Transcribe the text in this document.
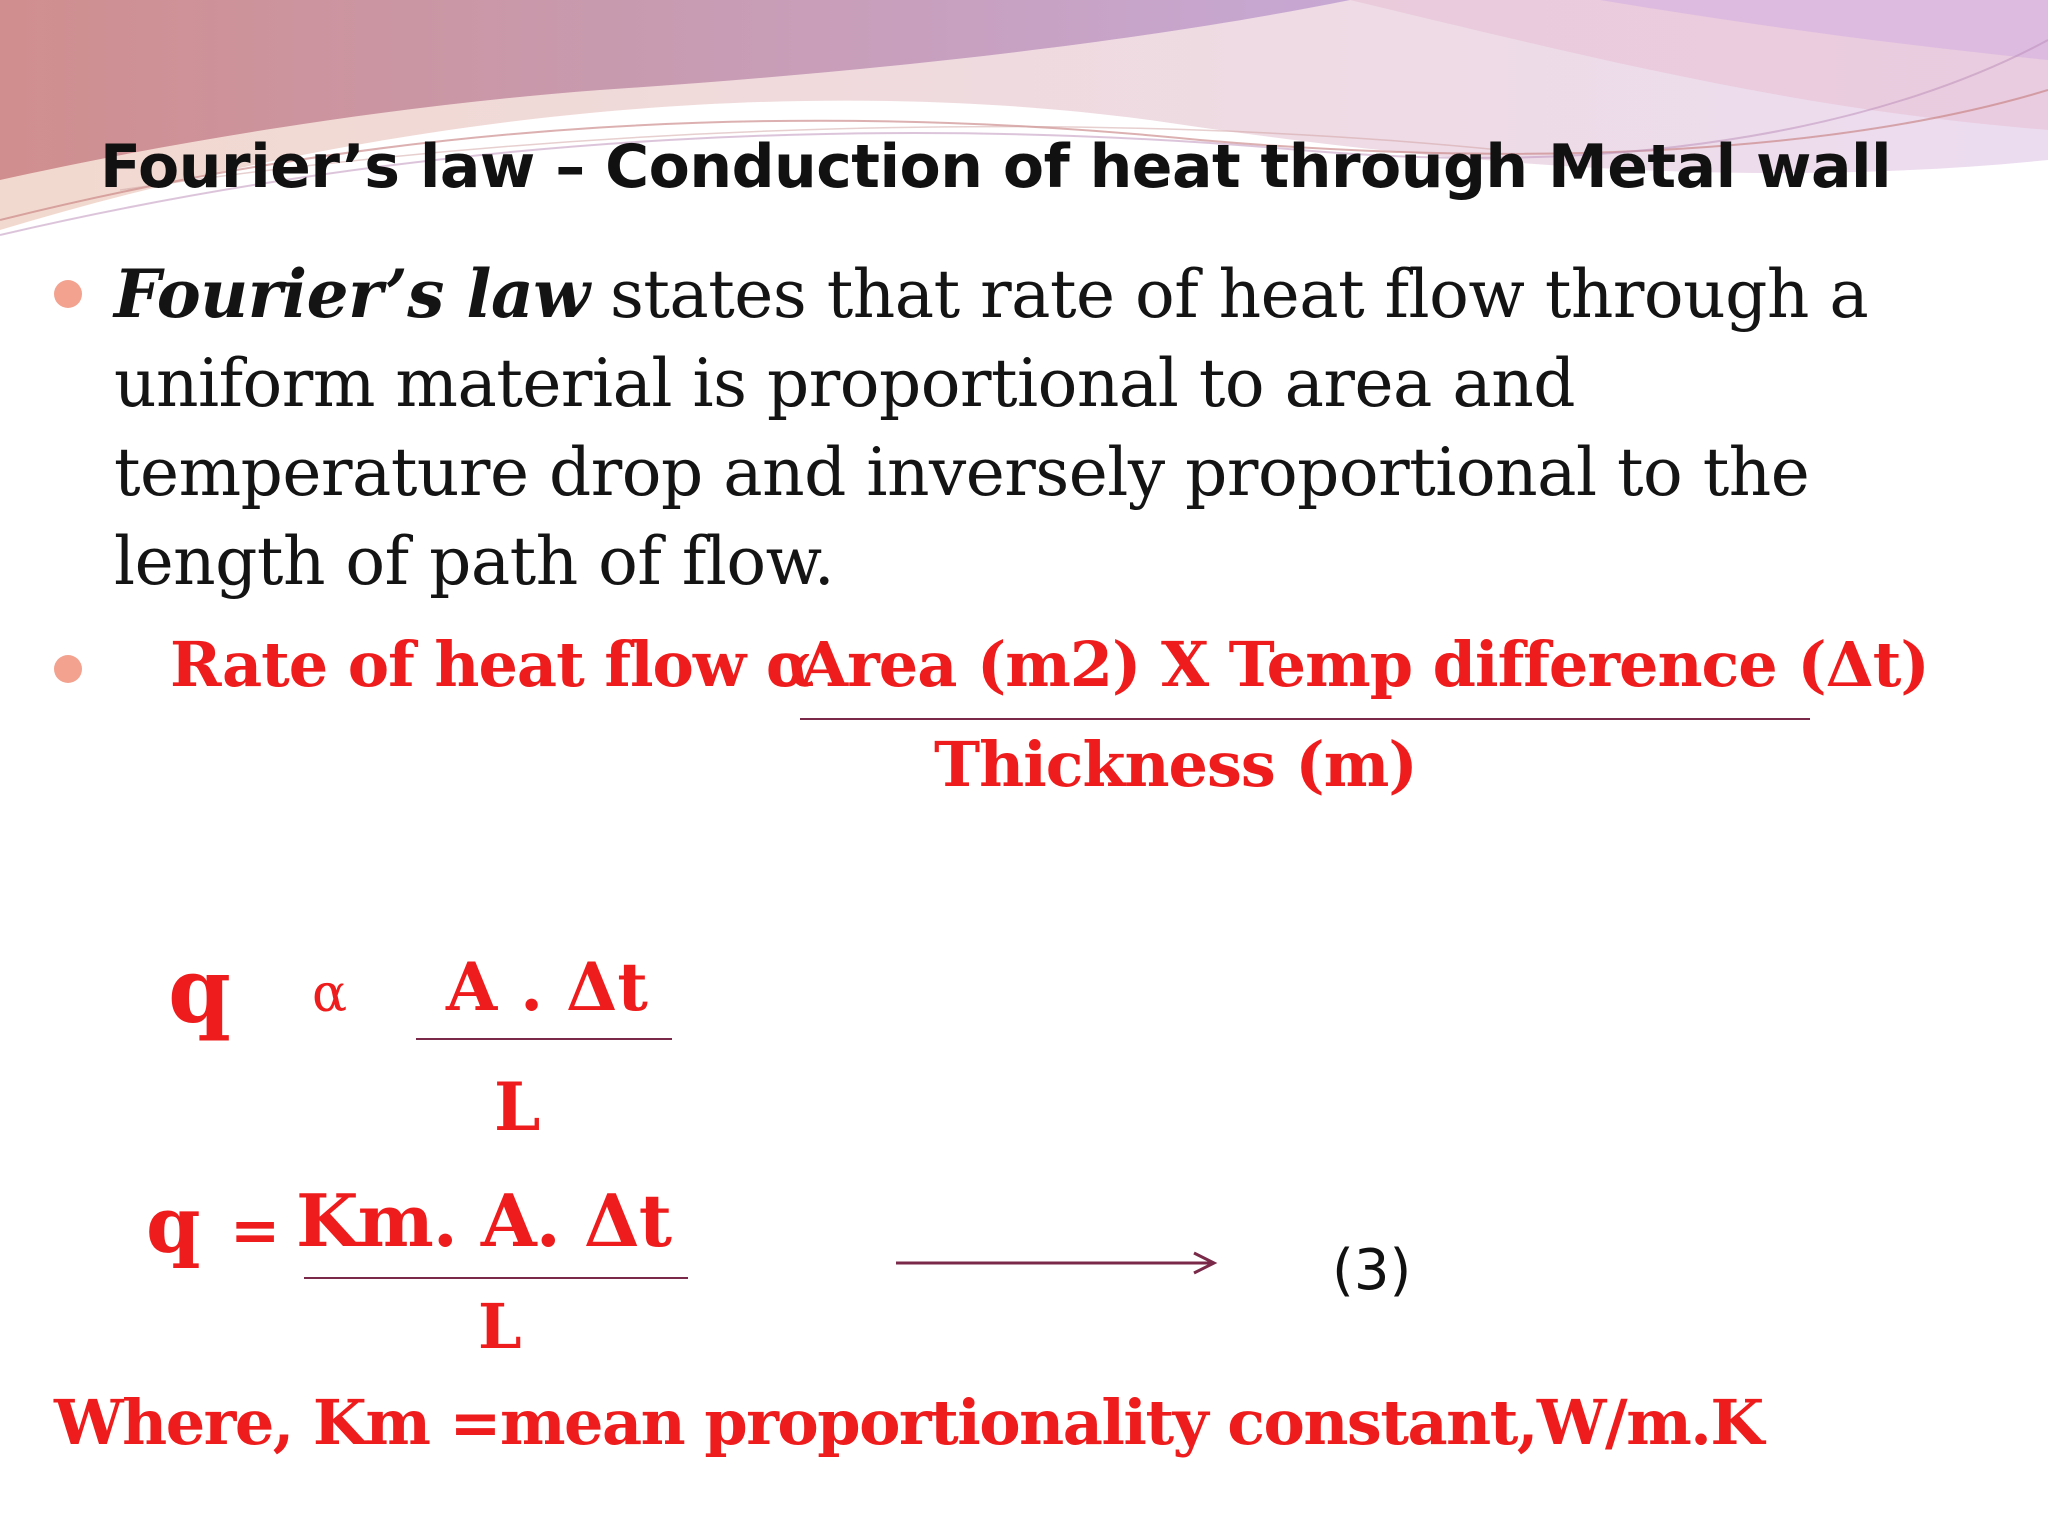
Fourier’s law – Conduction of heat through Metal wall
Fourier’s law states that rate of heat flow through a uniform material is proportional to area and temperature drop and inversely proportional to the length of path of flow.
Rate of heat flow α
Area (m2) X Temp difference (Δt)
Thickness (m)
q α A . Δt
L
q = Km. A. Δt
L
(3)
Where, Km =mean proportionality constant,W/m.K
